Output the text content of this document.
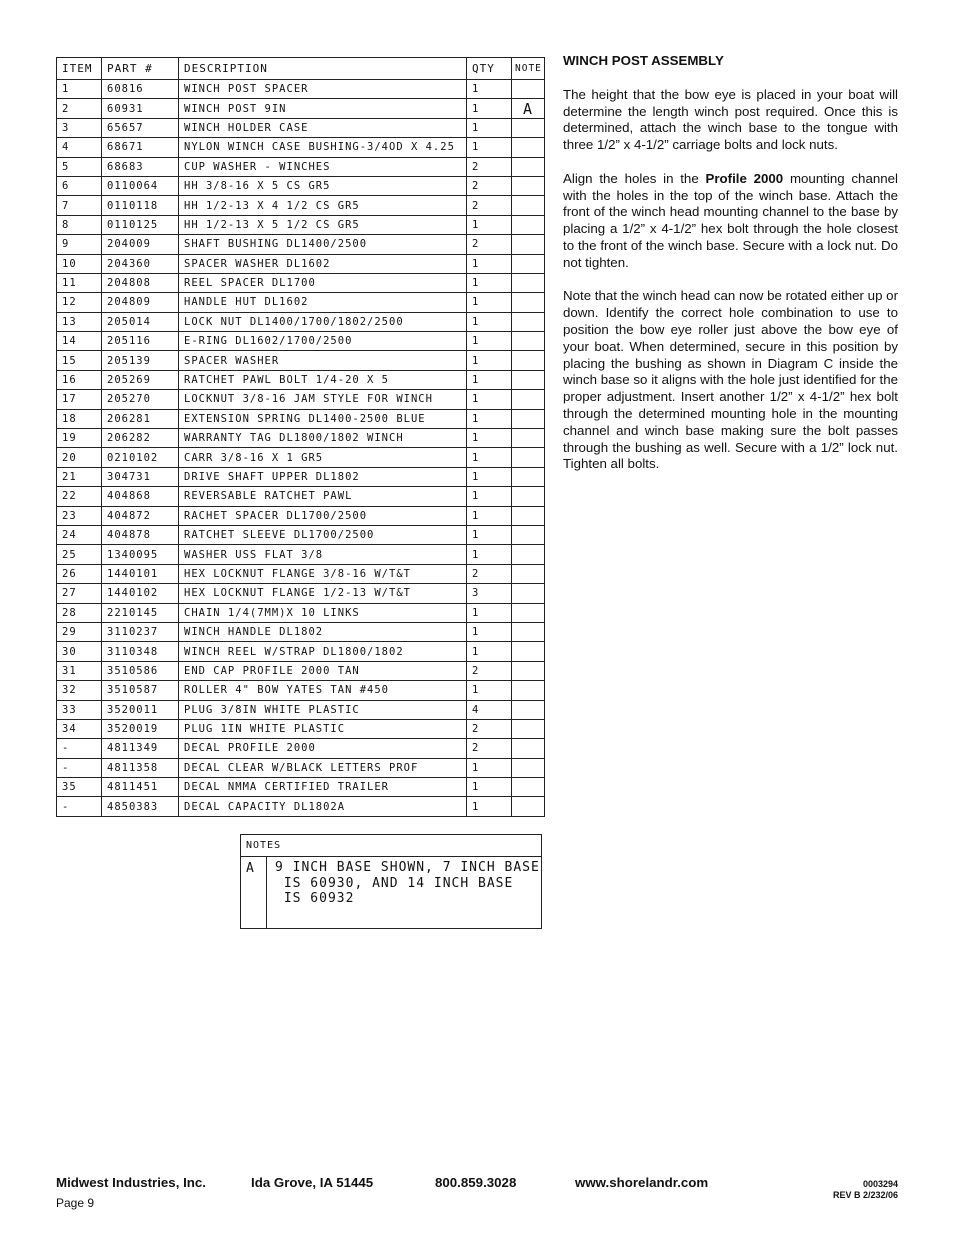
ITEM	PART #	DESCRIPTION	QTY	NOTE
1	60816	WINCH POST SPACER	1	
2	60931	WINCH POST 9IN	1	A
3	65657	WINCH HOLDER CASE	1	
4	68671	NYLON WINCH CASE BUSHING-3/4OD X 4.25	1	
5	68683	CUP WASHER - WINCHES	2	
6	0110064	HH 3/8-16 X 5 CS GR5	2	
7	0110118	HH 1/2-13 X 4 1/2 CS GR5	2	
8	0110125	HH 1/2-13 X 5 1/2 CS GR5	1	
9	204009	SHAFT BUSHING DL1400/2500	2	
10	204360	SPACER WASHER DL1602	1	
11	204808	REEL SPACER DL1700	1	
12	204809	HANDLE HUT DL1602	1	
13	205014	LOCK NUT DL1400/1700/1802/2500	1	
14	205116	E-RING DL1602/1700/2500	1	
15	205139	SPACER WASHER	1	
16	205269	RATCHET PAWL BOLT 1/4-20 X 5	1	
17	205270	LOCKNUT 3/8-16 JAM STYLE FOR WINCH	1	
18	206281	EXTENSION SPRING DL1400-2500 BLUE	1	
19	206282	WARRANTY TAG DL1800/1802 WINCH	1	
20	0210102	CARR 3/8-16 X 1 GR5	1	
21	304731	DRIVE SHAFT UPPER DL1802	1	
22	404868	REVERSABLE RATCHET PAWL	1	
23	404872	RACHET SPACER DL1700/2500	1	
24	404878	RATCHET SLEEVE DL1700/2500	1	
25	1340095	WASHER USS FLAT 3/8	1	
26	1440101	HEX LOCKNUT FLANGE 3/8-16 W/T&T	2	
27	1440102	HEX LOCKNUT FLANGE 1/2-13 W/T&T	3	
28	2210145	CHAIN 1/4(7MM)X 10 LINKS	1	
29	3110237	WINCH HANDLE DL1802	1	
30	3110348	WINCH REEL W/STRAP DL1800/1802	1	
31	3510586	END CAP PROFILE 2000 TAN	2	
32	3510587	ROLLER 4" BOW YATES TAN #450	1	
33	3520011	PLUG 3/8IN WHITE PLASTIC	4	
34	3520019	PLUG 1IN WHITE PLASTIC	2	
-	4811349	DECAL PROFILE 2000	2	
-	4811358	DECAL CLEAR W/BLACK LETTERS PROF	1	
35	4811451	DECAL NMMA CERTIFIED TRAILER	1	
-	4850383	DECAL CAPACITY DL1802A	1	
NOTES
A	9 INCH BASE SHOWN, 7 INCH BASE
IS 60930, AND 14 INCH BASE
IS 60932
WINCH POST ASSEMBLY

The height that the bow eye is placed in your boat will determine the length winch post required. Once this is determined, attach the winch base to the tongue with three 1/2” x 4-1/2” carriage bolts and lock nuts.

Align the holes in the Profile 2000 mounting channel with the holes in the top of the winch base. Attach the front of the winch head mounting channel to the base by placing a 1/2” x 4-1/2” hex bolt through the hole closest to the front of the winch base. Secure with a lock nut. Do not tighten.

Note that the winch head can now be rotated either up or down. Identify the correct hole combination to use to position the bow eye roller just above the bow eye of your boat. When determined, secure in this position by placing the bushing as shown in Diagram C inside the winch base so it aligns with the hole just identified for the proper adjustment. Insert another 1/2” x 4-1/2” hex bolt through the determined mounting hole in the mounting channel and winch base making sure the bolt passes through the bushing as well. Secure with a 1/2” lock nut. Tighten all bolts.

Midwest Industries, Inc.	Ida Grove, IA 51445	800.859.3028	www.shorelandr.com
Page 9
0003294
REV B 2/232/06
